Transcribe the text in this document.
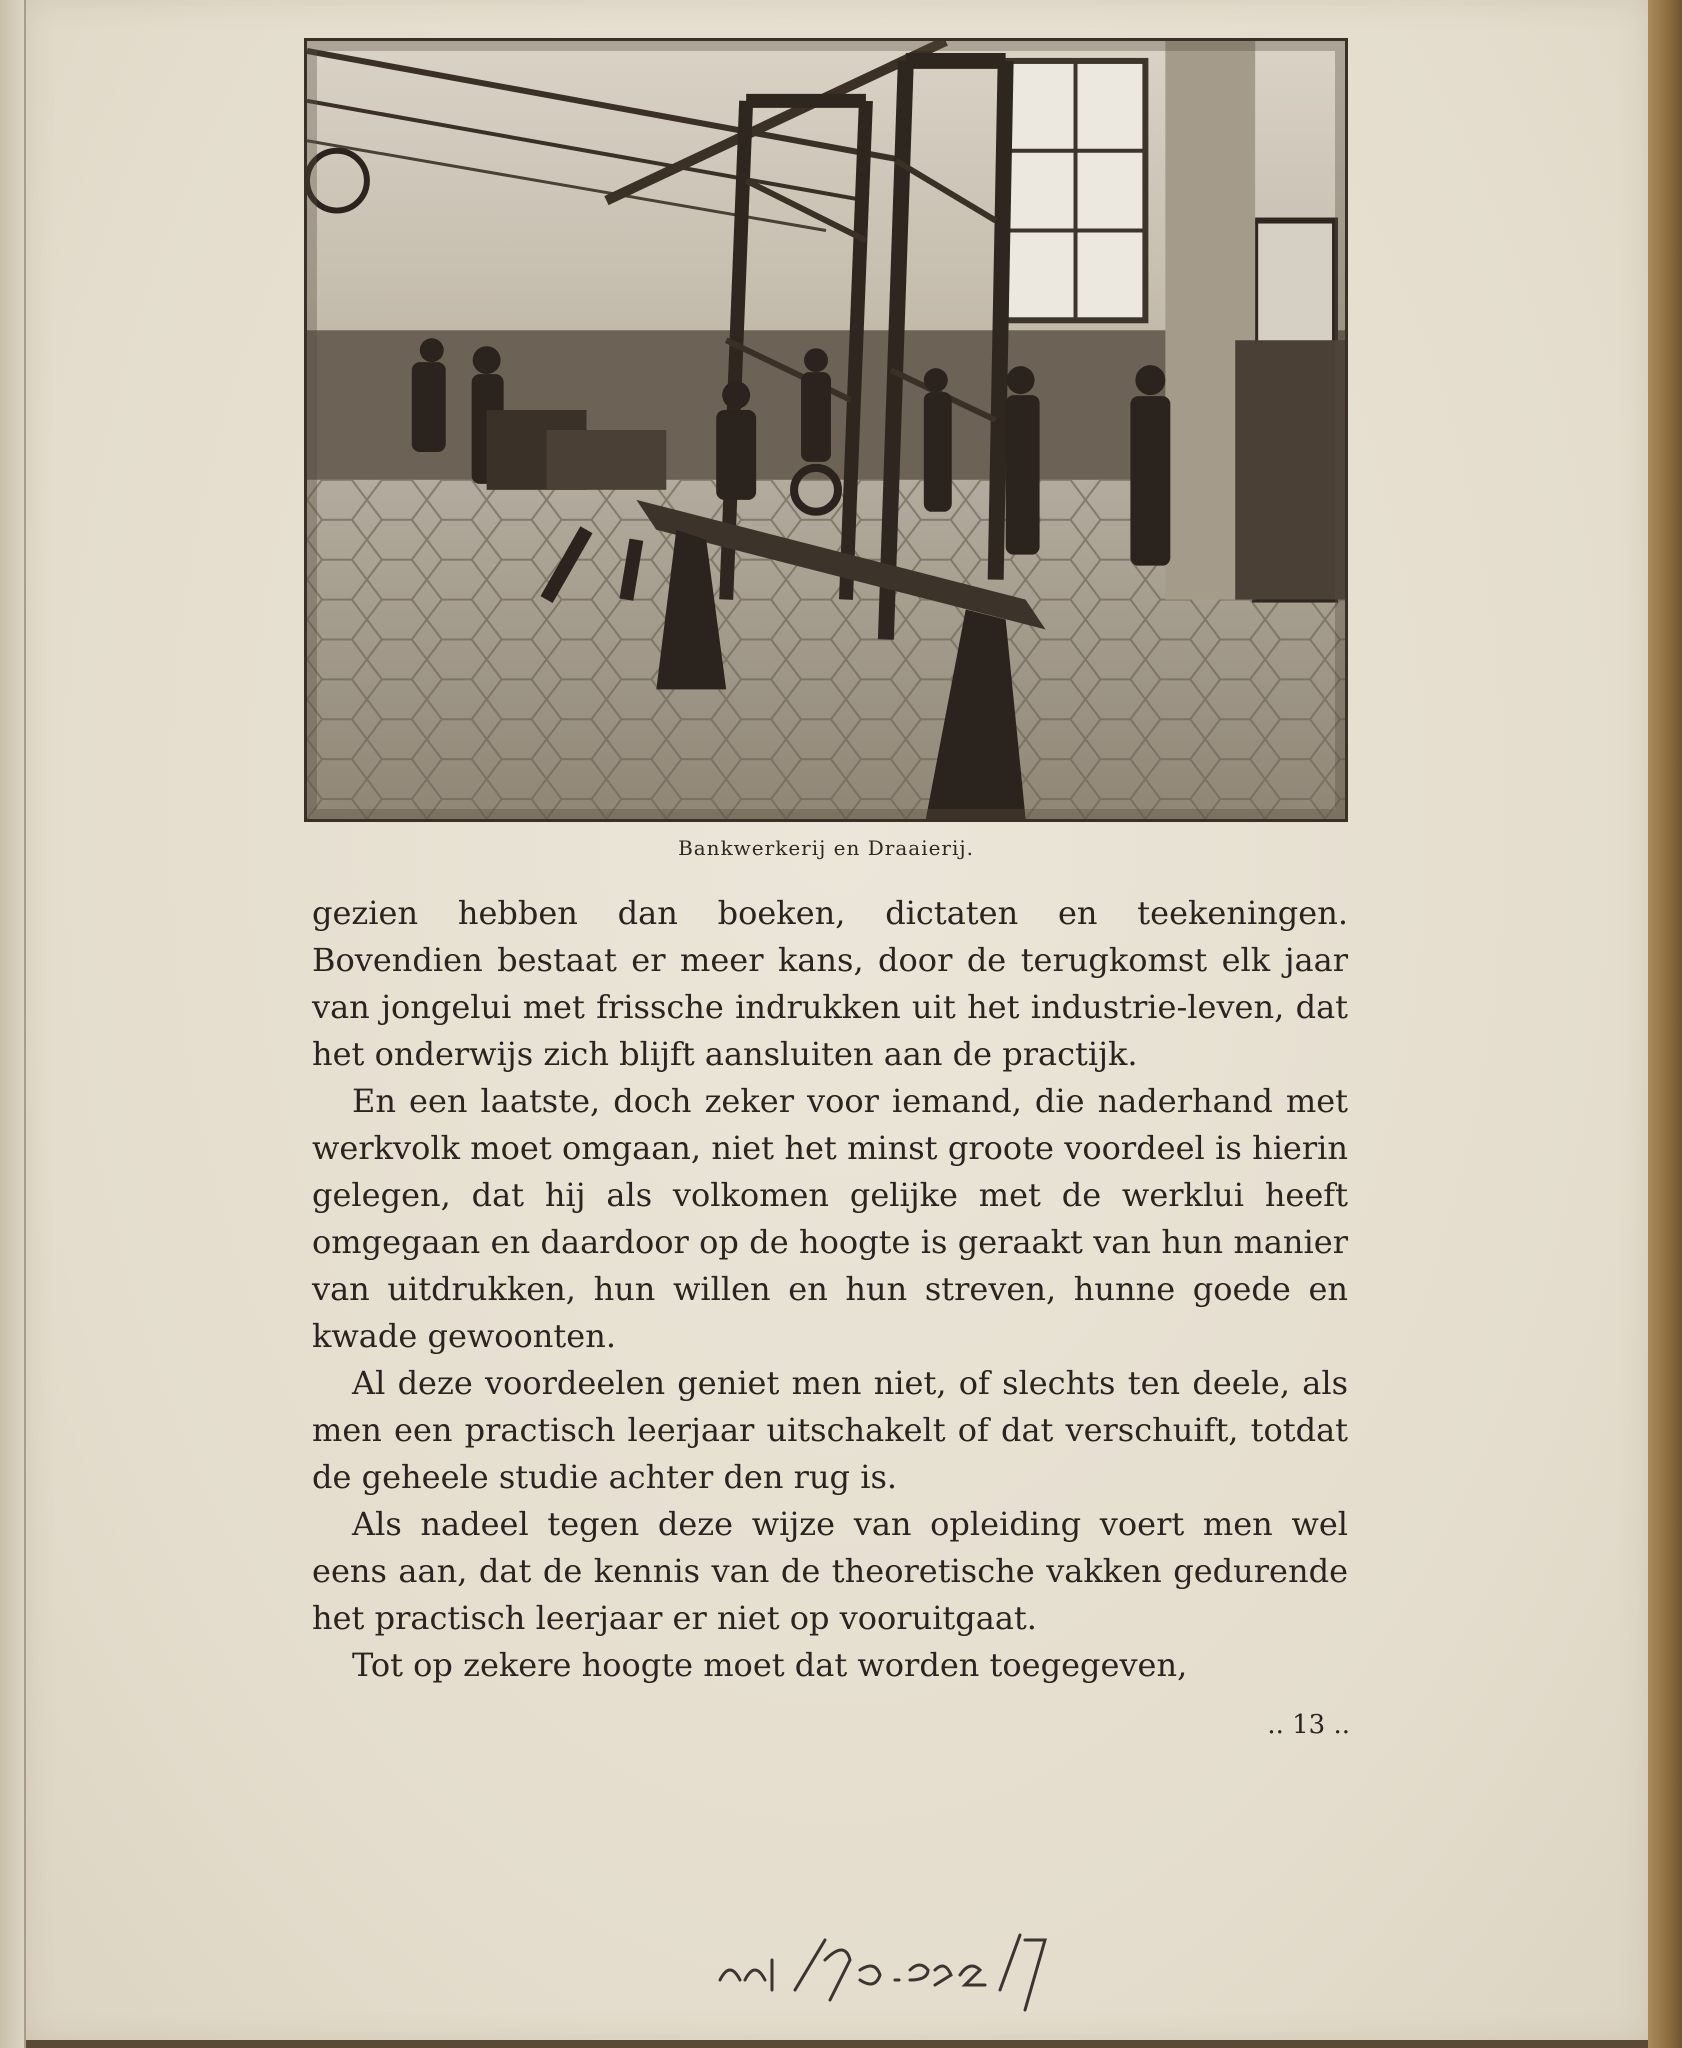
Bankwerkerij en Draaierij.

gezien hebben dan boeken, dictaten en teekeningen. Bovendien bestaat er meer kans, door de terugkomst elk jaar van jongelui met frissche indrukken uit het industrie-leven, dat het onderwijs zich blijft aansluiten aan de practijk.

En een laatste, doch zeker voor iemand, die naderhand met werkvolk moet omgaan, niet het minst groote voordeel is hierin gelegen, dat hij als volkomen gelijke met de werklui heeft omgegaan en daardoor op de hoogte is geraakt van hun manier van uitdrukken, hun willen en hun streven, hunne goede en kwade gewoonten.

Al deze voordeelen geniet men niet, of slechts ten deele, als men een practisch leerjaar uitschakelt of dat verschuift, totdat de geheele studie achter den rug is.

Als nadeel tegen deze wijze van opleiding voert men wel eens aan, dat de kennis van de theoretische vakken gedurende het practisch leerjaar er niet op vooruitgaat.

Tot op zekere hoogte moet dat worden toegegeven,

.. 13 ..
